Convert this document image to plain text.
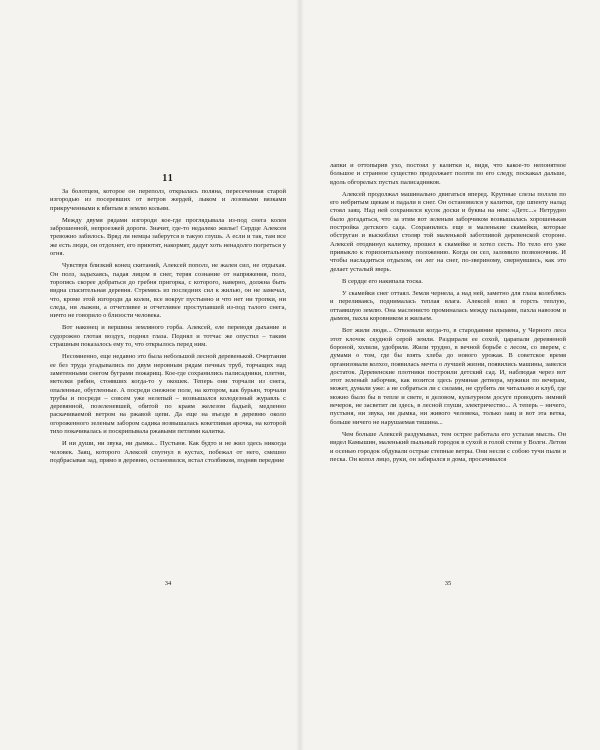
11

За болотцем, которое он переполз, открылась поляна, пересеченная старой изгородью из посеревших от ветров жердей, лыком и лозовыми вязками прикрученными к вбитым в землю кольям.

Между двумя рядами изгороди кое-где проглядывала из-под снега колея заброшенной, непроезжей дороги. Значит, где-то недалеко жилье! Сердце Алексея тревожно забилось. Вряд ли немцы заберутся в такую глушь. А если и так, там все же есть люди, он отдохнет, его приютят, накормят, дадут хоть ненадолго погреться у огня.

Чувствуя близкий конец скитаний, Алексей пополз, не жалея сил, не отдыхая. Он полз, задыхаясь, падая лицом в снег, теряя сознание от напряжения, полз, торопясь скорее добраться до гребня пригорка, с которого, наверно, должна быть видна спасительная деревня. Стремясь из последних сил к жилью, он не замечал, что, кроме этой изгороди да колеи, все вокруг пустынно и что нет ни тропки, ни следа, ни лыжни, а отчетливее и отчетливее проступавшей из-под талого снега, ничто не говорило о близости человека.

Вот наконец и вершина земляного горба. Алексей, еле переводя дыхание и судорожно глотая воздух, поднял глаза. Поднял и тотчас же опустил – таким страшным показалось ему то, что открылось перед ним.

Несомненно, еще недавно это была небольшой лесной деревенькой. Очертания ее без труда угадывались по двум неровным рядам печных труб, торчащих над заметенными снегом буграми пожарищ. Кое-где сохранились палисадники, плетни, метелки рябин, стоявших когда-то у окошек. Теперь они торчали из снега, опаленные, обугленные. А посреди снежное поле, на котором, как бурьян, торчали трубы и посреди – совсем уже нелепый – возвышался колодезный журавль с деревянной, позеленевшей, обитой по краям железом бадьей, медленно раскачиваемой ветром на ржавой цепи. Да еще на въезде в деревню около огороженного зеленым забором садика возвышалась кокетливая арочка, на которой тихо покачивалась и поскрипывала ржавыми петлями калитка.

И ни души, ни звука, ни дымка... Пустыня. Как будто и не жил здесь никогда человек. Заяц, которого Алексей спугнул в кустах, побежал от него, смешно подбрасывая зад, прямо в деревню, остановился, встал столбиком, подняв передние

34

лапки и оттопырив ухо, постоял у калитки и, видя, что какое-то непонятное большое и странное существо продолжает ползти по его следу, поскакал дальше, вдоль обгорелых пустых палисадников.

Алексей продолжал машинально двигаться вперед. Крупные слезы ползли по его небритым щекам и падали в снег. Он остановился у калитки, где шпенту налад стоял заяц. Над ней сохранился кусок доски и буквы на нем: «Детс...» Нетрудно было догадаться, что за этим вот зеленым заборчиком возвышалась хорошенькая постройка детского сада. Сохранились еще и маленькие скамейки, которые обструган и выскоблил столяр той маленькой заботливой деревенской стороне. Алексей отодвинул калитку, прошел к скамейке и хотел сесть. Но тело его уже привыкло к горизонтальному положению. Когда он сел, заломило позвоночник. И чтобы насладиться отдыхом, он лег на снег, по-звериному, свернувшись, как это делает усталый зверь.

В сердце его накипала тоска.

У скамейки снег оттаял. Земля чернела, а над ней, заметно для глаза колеблясь и переливаясь, поднималась теплая влага. Алексей взял в горсть теплую, оттаявшую землю. Она масленисто проминалась между пальцами, пахла навозом и дымом, пахла коровником и жильем.

Вот жили люди... Отвоевали когда-то, в стародавние времена, у Черного леса этот клочок скудной серой земли. Раздирали ее сохой, царапали деревянной бороной, холили, удобряли. Жили трудно, в вечной борьбе с лесом, со зверем, с думами о том, где бы взять хлеба до нового урожая. В советское время организовали колхоз, появилась мечта о лучшей жизни, появились машины, завелся достаток. Деревенские плотники построили детский сад. И, наблюдая через вот этот зеленый заборчик, как возится здесь румяная детвора, мужики по вечерам, может, думали уже: а не собраться ли с силами, не срубить ли читальню и клуб, где можно было бы в тепле и свете, в деловом, культурном досуге проводить зимний вечерок, не засветит ли здесь, в лесной глуши, электричество... А теперь – ничего, пустыня, ни звука, ни дымка, ни живого человека, только заяц и вот эта ветка, больше ничего не нарушаемая тишина...

Чем больше Алексей раздумывал, тем острее работала его усталая мысль. Он видел Камышин, маленький пыльный городок в сухой и голой степи у Волги. Летом и осенью городок обдували острые степные ветры. Они несли с собою тучи пыли и песка. Он колол лицо, руки, он забирался в дома, просачивался

35
